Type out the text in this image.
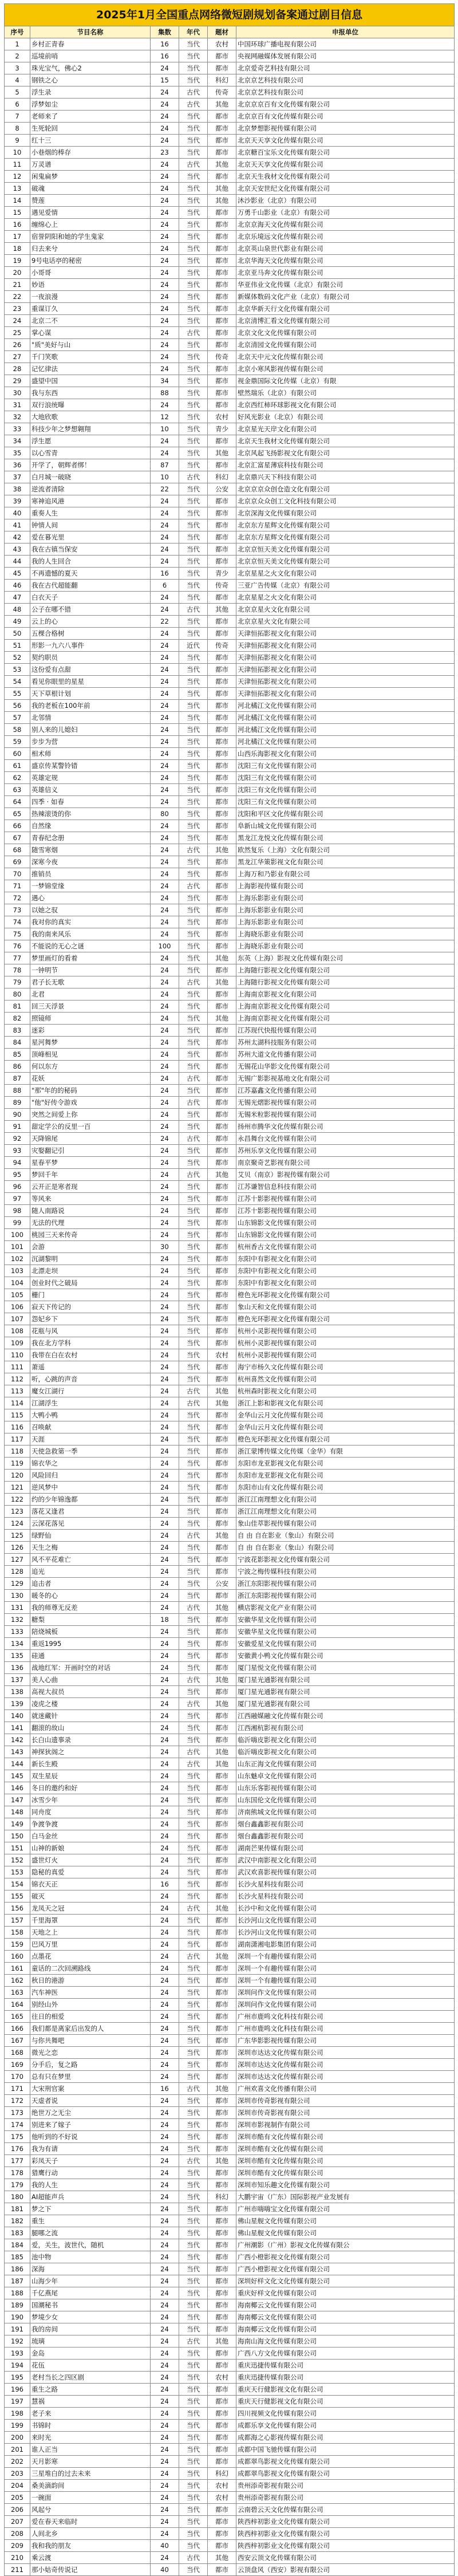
2025年1月全国重点网络微短剧规划备案通过剧目信息					
序号	节目名称	集数	年代	题材	申报单位
1	乡村正青春	16	当代	农村	中国环球广播电视有限公司
2	巡境前哨	16	当代	都市	央视网融媒体发展有限公司
3	珠光宝气，佛心2	24	当代	都市	北京爱奇艺科技有限公司
4	钢铁之心	15	当代	科幻	北京京艺科技有限公司
5	浮生录	24	古代	传奇	北京京艺科技有限公司
6	浮梦如尘	24	古代	其他	北京京京百有文化传媒有限公司
7	老师来了	24	当代	都市	北京京百有文化传媒有限公司
8	生死轮回	24	当代	都市	北京梦想影视传媒有限公司
9	红十三	24	当代	都市	北京天天享文化传媒有限公司
10	小巷烟的棒存	23	当代	都市	北京糖百宝乐文化传媒有限公司
11	万灵谱	24	古代	其他	北京天天享文化传媒有限公司
12	闲鬼扁梦	24	当代	都市	北京天生我材文化传媒有限公司
13	破魂	24	当代	其他	北京天安世纪文化传媒有限公司
14	赞莲	24	当代	其他	沐沙影业（北京）有限公司
15	遇见爱情	24	当代	都市	万勇千山影业（北京）有限公司
16	缠绵心上	24	当代	都市	北京京海天文化传媒有限公司
17	宿誉阴阳和她的学生鬼家	24	当代	都市	北京乐境远文化传媒有限公司
18	归去来兮	24	当代	都市	北京英山泉世代影业有限公司
19	9号电话亭的秘密	24	当代	都市	北京华海天文化传媒有限公司
20	小哥哥	24	当代	都市	北京亚马奔文化传媒有限公司
21	妙语	24	当代	都市	华亚伟业文化传媒（北京）有限公司
22	一夜浪漫	24	当代	都市	新媒体数码文化产业（北京）有限公司
23	重谋订久	24	当代	都市	北京华新天行文化传媒有限公司
24	北京二不	24	当代	都市	北京清博汇看文化传媒有限公司
25	掌心谋	24	古代	都市	北京文化文化传媒有限公司
26	"质"美好与山	24	当代	都市	北京清园文化传媒有限公司
27	千门笑歌	24	当代	传奇	北京天中元文化传媒有限公司
28	记忆律法	24	当代	都市	北京小寒风影视传媒有限公司
29	盛望中国	34	当代	都市	视金鼎国际文化传媒（北京）有限
30	我与东西	88	当代	都市	壁然瑞乐（北京）有限公司
31	双行浪统曝	24	当代	都市	北京西红柿环球影视文化有限公司
32	大地欣歌	12	当代	农村	好风光影业（北京）有限公司
33	科技少年之梦想翱翔	10	当代	青少	北京星光天岸文化有限公司
34	浮生愿	24	当代	都市	北京天生我材文化传媒有限公司
35	以心雪青	24	当代	其他	北京风起飞扬影视文化有限公司
36	开学了，朝辉者绑！	87	当代	都市	北京汇富星薄宸科技有限公司
37	白月城一破晓	10	古代	科幻	北京鼎兴天下科技有限公司
38	逆流者清除	22	当代	公安	北京京京众创仓造文化有限公司
39	寒神追风港	24	当代	都市	北京京众众创工文化科技有限公司
40	重奏人生	24	当代	都市	北京深海文化传媒有限公司
41	钟情人间	24	当代	都市	北京东方星辉文化传媒有限公司
42	爱在暮光里	24	当代	都市	北京东方星辉文化传媒有限公司
43	我在古镇当保安	24	当代	都市	北京京恒天美文化传媒有限公司
44	我的人生回合	24	当代	都市	北京京恒天美文化传媒有限公司
45	不再遗憾的夏天	16	当代	青少	北京星星之火文化有限公司
46	我在古代超能翻	6	当代	传奇	三亚广告传媒（北京）有限公司
47	白衣天子	24	当代	都市	北京星星之火文化有限公司
48	公子在哪不错	24	古代	其他	北京京星火文化有限公司
49	云上的心	22	当代	都市	北京京星火文化有限公司
50	五棵合格树	24	当代	都市	天津恒拓影视文化有限公司
51	形影一九六八事件	24	近代	传奇	天津恒拓影视文化有限公司
52	契约职员	24	当代	都市	天津恒拓影视文化有限公司
53	这份爱有点甜	24	当代	都市	天津恒拓影视文化有限公司
54	看见你眼里的星星	24	当代	都市	天津恒拓影视文化有限公司
55	天下草根计划	24	当代	都市	天津恒拓影视文化有限公司
56	我的老板在100年前	24	当代	都市	河北橘江文化传媒有限公司
57	北邻情	24	当代	都市	河北橘江文化传媒有限公司
58	别人来的儿媳妇	24	当代	都市	河北橘江文化传媒有限公司
59	步步为营	24	当代	都市	河北橘江文化传媒有限公司
60	相术师	24	当代	都市	山西乐海影视文化有限公司
61	盛京传某警铃错	24	当代	都市	沈阳三有文化传媒有限公司
62	英雄定规	24	当代	都市	沈阳三有文化传媒有限公司
63	英雄信义	24	当代	都市	沈阳三有文化传媒有限公司
64	四季 · 如春	24	当代	都市	沈阳三有文化传媒有限公司
65	热辣滚烫的你	80	当代	都市	沈阳和平区文化传媒有限公司
66	自然缘	24	当代	都市	阜新山城文化传媒有限公司
67	青春纪念册	24	当代	都市	黑龙江龙悦文化传媒有限公司
68	随雪寒烟	24	古代	其他	欧然复乐（上海）文化有限公司
69	深寒今夜	24	当代	都市	黑龙江华策影视文化有限公司
70	推销员	24	当代	都市	上海万和乃影业有限公司
71	一梦锦堂缘	24	古代	都市	上海影视传媒有限公司
72	遇心	24	当代	都市	上海乐影影业有限公司
73	以她之驭	24	当代	都市	上海乐影影业有限公司
74	我对你的真实	24	当代	都市	上海乐影影业有限公司
75	我的南来风乐	24	当代	都市	上海晓乐影业有限公司
76	不能说的无心之谜	100	当代	都市	上海晓乐影业有限公司
77	梦里画灯的看着	24	当代	其他	东英（上海）影视文化传媒有限公司
78	一钟明节	24	当代	都市	上海随行影视文化传媒有限公司
79	君子长无歌	24	古代	其他	上海随行影视文化传媒有限公司
80	北君	24	当代	都市	上海南京影视文化有限公司
81	回三天浮景	24	当代	都市	上海南京影视文化传媒有限公司
82	照镜师	24	当代	其他	上海南京影视文化传媒有限公司
83	迷彩	24	当代	都市	江苏现代快报传媒有限公司
84	星河舞梦	24	当代	都市	苏州太湖科技服务有限公司
85	顶峰相见	24	当代	都市	苏州大道文化传播有限公司
86	何以东方	24	当代	都市	无锡花山华影文化传媒有限公司
87	花妖	24	古代	都市	无锡广影影视基地文化有限公司
88	"那"年的的秘码	24	当代	都市	江苏嘉鑫文化传播有限公司
89	"他"好传令游戏	24	古代	都市	无锡光熠影视传媒有限公司
90	突然之间爱上你	24	当代	都市	无锡米粒影视传媒有限公司
91	甜定学公的反里一百	24	当代	都市	扬州市腾华文化传媒有限公司
92	天降锦尾	24	古代	都市	永昌舞台文化传媒有限公司
93	灾娶翻记引	24	当代	都市	苏州乐享文化传媒有限公司
94	星春平梦	24	当代	都市	南京聚奇艺影视有限公司
95	梦回千年	24	古代	其他	艾贝（南京）影视传媒有限公司
96	云开正是寒者现	24	当代	都市	江苏谦智信息科技有限公司
97	等风来	24	当代	都市	江苏十影影视传媒有限公司
98	随人南路说	24	当代	都市	江苏十影影视传媒有限公司
99	无法的代理	24	当代	都市	山东锦影文化传媒有限公司
100	桃园三天来传奇	24	当代	都市	山东锦影文化传媒有限公司
101	会游	30	当代	都市	杭州香古文化传媒有限公司
102	沉湖黎明	24	当代	都市	东阳中有影视文化有限公司
103	北漂走坝	24	当代	都市	东阳中有影视文化有限公司
104	创业时代之破局	24	当代	都市	东阳中有影视文化有限公司
105	栅门	24	当代	都市	橙色光环影视文化传媒有限公司
106	寂天下传记的	24	当代	都市	象山天和文化传媒有限公司
107	怨妃乡下	24	当代	都市	橙色光环影视文化传媒有限公司
108	花瓶与风	24	当代	都市	杭州小灵影视传媒有限公司
109	我在北方学科	24	当代	都市	杭州小灵影视传媒有限公司
110	我带在白在农村	24	当代	农村	杭州小灵影视传媒有限公司
111	萧遥	24	当代	都市	海宁市杨久文化传媒有限公司
112	听，心跳的声音	24	当代	都市	杭州喜然文化传媒有限公司
113	魔女江湖行	24	古代	其他	杭州森时影视文化有限公司
114	江湖浮生	24	古代	其他	浙江上影和影视文化有限公司
115	大鸭小鸭	24	当代	都市	金华山云月文化传媒有限公司
116	召唤献	24	当代	都市	金华山云月文化传媒有限公司
117	天涯	24	当代	都市	橙色光环影视文化传媒有限公司
118	天使急救第一季	24	当代	都市	浙江蒙博传媒文化传媒（金华）有限
119	锦衣华之	24	当代	都市	东阳市龙亚影视文化有限公司
120	风险回归	24	当代	都市	东阳市龙亚影视文化有限公司
121	逆风梦中	24	当代	都市	东阳市山有文化传媒有限公司
122	约的少年锦逸都	24	当代	都市	浙江江南理想文化有限公司
123	落花又逢君	24	当代	都市	浙江江南理想文化有限公司
124	云深花落见	24	当代	都市	象山佳萃影视传媒有限公司
125	绿野仙	24	古代	其他	自 由 自在影业（象山）有限公司
126	天生之梅	24	当代	都市	自 由 自在影业（象山）有限公司
127	风不平花难亡	24	当代	都市	宁波花影影视文化传媒有限公司
128	追光	24	当代	都市	宁波之梅传媒科技有限公司
129	追击者	24	当代	公安	浙江东阳影视传媒有限公司
130	暖冬的心	24	当代	都市	浙江东阳影视传媒有限公司
131	我的师尊无反差	24	古代	其他	横店影视文化产业有限公司
132	糖梨	18	当代	都市	安徽华星文化传媒有限公司
133	陪烧城板	24	当代	都市	安徽华星文化传媒有限公司
134	重返1995	24	当代	都市	安徽爱星文化传媒有限公司
135	硅通	24	当代	都市	安徽黄小鸭文化传媒有限公司
136	战地红军：开画时空的对话	24	当代	都市	厦门星悦文化传媒有限公司
137	美人心曲	24	古代	其他	厦门星光通影视有限公司
138	高视大叔员	24	当代	都市	厦门星光通影视有限公司
139	凌虎之楼	24	古代	其他	厦门星光通影视有限公司
140	就迷藏针	24	当代	都市	江西融媒融文化传媒有限公司
141	翻滚的故山	24	当代	都市	江西湘杭影视有限公司
142	长白山遗事录	24	当代	都市	临沂嗨皮影视文化有限公司
143	神探狄阁之	24	古代	其他	临沂嗨皮影视文化有限公司
144	新长生殿	24	古代	其他	山东正海文化传媒有限公司
145	双生星辰	24	当代	都市	山东魅卓文化传媒有限公司
146	冬日的邀约和好	24	当代	都市	山东乐客影视传媒有限公司
147	冰雪少年	24	当代	都市	山东国伦文化传媒有限公司
148	同舟度	24	当代	都市	济南熊城文化传媒有限公司
149	争渡争渡	24	当代	都市	烟台鑫鑫影视有限公司
150	白马金丝	24	当代	都市	烟台鑫鑫影视有限公司
151	山神的新娘	24	当代	都市	湖南芒果传媒有限公司
152	盛世灯火	24	当代	都市	武汉中南影视文化有限公司
153	隐秘的真爱	24	当代	都市	武汉欢喜影视传媒有限公司
154	锦衣天正	16	当代	都市	长沙火星科技有限公司
155	破灭	24	当代	都市	长沙火星科技有限公司
156	龙凤天之冠	24	古代	其他	长沙中和文化传媒有限公司
157	千里海罩	24	当代	都市	长沙河山文化传媒有限公司
158	天地之上	24	当代	都市	长沙河山文化传媒有限公司
159	巴风万里	24	当代	都市	湖南潇湘电影集团有限公司
160	点墨花	24	古代	其他	深圳一个有趣传媒有限公司
161	童话的二次回溯路线	24	当代	都市	深圳一个有趣传媒有限公司
162	秋日的港游	24	当代	都市	深圳一个有趣传媒有限公司
163	汽车神医	24	当代	都市	深圳问作文化传媒有限公司
164	别经山外	24	当代	都市	深圳问作文化传媒有限公司
165	往日的相爱	24	当代	都市	广州市鹿鸣文化科技有限公司
166	我们都是离家后出发的人	24	当代	都市	广州市鹿鸣文化科技有限公司
167	与你共舞吧	24	当代	都市	广东华影影视传媒有限公司
168	微光之恋	24	当代	都市	深圳市达达文化传媒有限公司
169	分手后，复之路	24	当代	都市	深圳市达达文化传媒有限公司
170	总有只在梦里	24	当代	都市	深圳市达达文化传媒有限公司
171	大宋刑官案	16	古代	其他	广州欢喜文化传播有限公司
172	天虚者说	24	当代	都市	深圳市传奇影视有限公司
173	绝世万之无尘	24	当代	都市	深圳市传奇影视有限公司
174	别进来了嫁子	24	当代	都市	深圳市影视制作有限公司
175	他听到的不好说	24	当代	都市	深圳市酷有文化传媒有限公司
176	我为有请	24	当代	都市	深圳市酷有文化传媒有限公司
177	彩凤天子	24	古代	其他	深圳市酷有文化传媒有限公司
178	猎鹰行动	24	当代	都市	深圳市酷有文化传媒有限公司
179	我的人生	24	当代	都市	深圳市知乐趣文化传媒有限公司
180	AI超能声兵	24	当代	科幻	大鹏宇宙（广东）国际影视产业发展有
181	梦之下	24	当代	都市	广州市嗨嗨宝文化传媒有限公司
182	重生	24	当代	都市	佛山星舰文化传媒有限公司
183	腿哪之流	24	当代	都市	佛山星舰文化传媒有限公司
184	爱，关生，波世代，随机	24	当代	都市	广州潮影（广州）影视文化传媒有限公
185	池中物	24	当代	都市	广西小橙影视文化传媒有限公司
186	深海	24	当代	都市	广西小橙影视文化传媒有限公司
187	山海少年	24	当代	都市	深圳好样文化文化传媒有限公司
188	千亿燕尾	24	当代	都市	重庆好样文化传媒有限公司
189	国潮秘书	24	当代	都市	海南椰云文化传媒有限公司
190	梦境少女	24	当代	都市	海南椰云文化传媒有限公司
191	我的房间	24	当代	都市	海南椰云文化传媒有限公司
192	琉璃	24	古代	其他	海南山海文化传媒有限公司
193	金岛	24	当代	都市	广西八方文化传媒有限公司
194	花伍	24	当代	都市	重庆迅捷传媒有限公司
195	老村当长之四区剧	24	当代	农村	重庆迅捷传媒有限公司
196	重生之路	24	当代	都市	重庆天行健影视文化有限公司
197	慧祸	24	当代	都市	重庆天行健影视文化有限公司
198	老子来	24	当代	都市	四川视频文化传媒有限公司
199	书锦时	24	当代	都市	成都乐享文化传媒有限公司
200	来时光	24	当代	都市	成都海之心影视传媒有限公司
201	谁人正当	24	当代	都市	成都中国飞驰传媒有限公司
202	天月影寒	24	当代	都市	成都翠鸟影视文化传媒有限公司
203	三星堆白的过去未来	24	当代	科幻	成都翠鸟影视文化传媒有限公司
204	桑美滴韵间	24	当代	农村	贵州添奇影视有限公司
205	一碗面	24	当代	农村	贵州添奇影视有限公司
206	风起兮	24	当代	都市	云南碧云天文化传媒有限公司
207	爱在春天来临时	24	当代	都市	陕西梓初影业文化传媒有限公司
208	人间北乡	24	当代	都市	陕西梓初影业文化传媒有限公司
209	我和我的朋友	40	当代	都市	陕西梓初影业文化传媒有限公司
210	乘云渡	24	古代	其他	西安云顶文化传媒有限公司
211	那小姑奇传说记	40	当代	都市	云顶盘风（西安）影视有限公司
